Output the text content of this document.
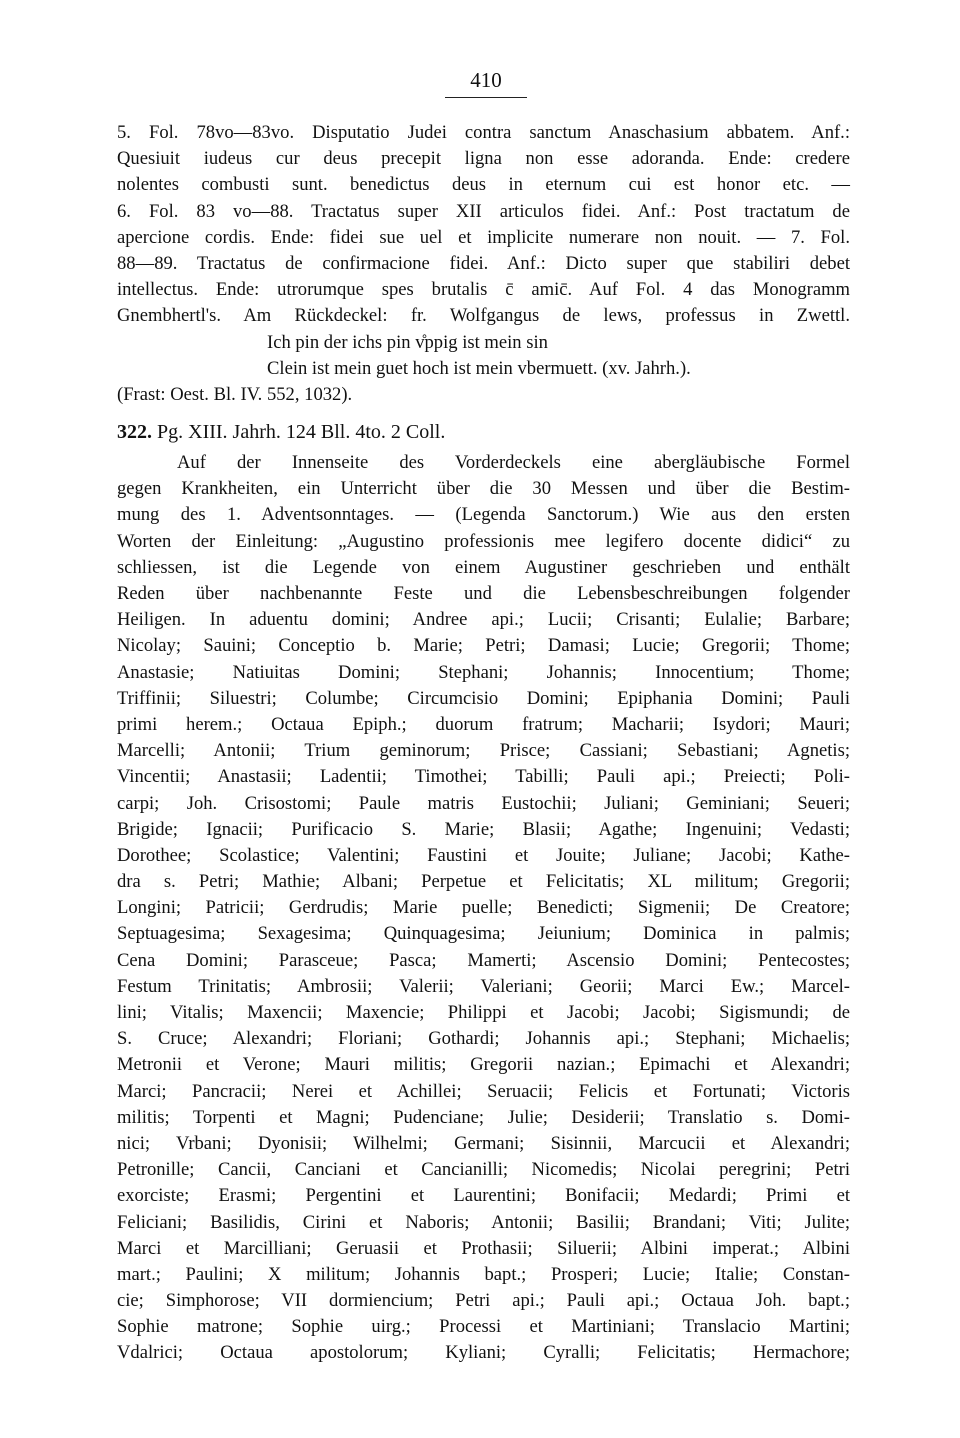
410
5. Fol. 78vo—83vo. Disputatio Judei contra sanctum Anaschasium abbatem. Anf.:
Quesiuit iudeus cur deus precepit ligna non esse adoranda. Ende: credere
nolentes combusti sunt. benedictus deus in eternum cui est honor etc. —
6. Fol. 83 vo—88. Tractatus super XII articulos fidei. Anf.: Post tractatum de
apercione cordis. Ende: fidei sue uel et implicite numerare non nouit. — 7. Fol.
88—89. Tractatus de confirmacione fidei. Anf.: Dicto super que stabiliri debet
intellectus. Ende: utrorumque spes brutalis c̄ amic̄. Auf Fol. 4 das Monogramm
Gnembhertl's. Am Rückdeckel: fr. Wolfgangus de lews, professus in Zwettl.
Ich pin der ichs pin v̊ppig ist mein sin
Clein ist mein guet hoch ist mein vbermuett. (xv. Jahrh.).
(Frast: Oest. Bl. IV. 552, 1032).
322. Pg. XIII. Jahrh. 124 Bll. 4to. 2 Coll.
Auf der Innenseite des Vorderdeckels eine abergläubische Formel
gegen Krankheiten, ein Unterricht über die 30 Messen und über die Bestim-
mung des 1. Adventsonntages. — (Legenda Sanctorum.) Wie aus den ersten
Worten der Einleitung: „Augustino professionis mee legifero docente didici“ zu
schliessen, ist die Legende von einem Augustiner geschrieben und enthält
Reden über nachbenannte Feste und die Lebensbeschreibungen folgender
Heiligen. In aduentu domini; Andree api.; Lucii; Crisanti; Eulalie; Barbare;
Nicolay; Sauini; Conceptio b. Marie; Petri; Damasi; Lucie; Gregorii; Thome;
Anastasie; Natiuitas Domini; Stephani; Johannis; Innocentium; Thome;
Triffinii; Siluestri; Columbe; Circumcisio Domini; Epiphania Domini; Pauli
primi herem.; Octaua Epiph.; duorum fratrum; Macharii; Isydori; Mauri;
Marcelli; Antonii; Trium geminorum; Prisce; Cassiani; Sebastiani; Agnetis;
Vincentii; Anastasii; Ladentii; Timothei; Tabilli; Pauli api.; Preiecti; Poli-
carpi; Joh. Crisostomi; Paule matris Eustochii; Juliani; Geminiani; Seueri;
Brigide; Ignacii; Purificacio S. Marie; Blasii; Agathe; Ingenuini; Vedasti;
Dorothee; Scolastice; Valentini; Faustini et Jouite; Juliane; Jacobi; Kathe-
dra s. Petri; Mathie; Albani; Perpetue et Felicitatis; XL militum; Gregorii;
Longini; Patricii; Gerdrudis; Marie puelle; Benedicti; Sigmenii; De Creatore;
Septuagesima; Sexagesima; Quinquagesima; Jeiunium; Dominica in palmis;
Cena Domini; Parasceue; Pasca; Mamerti; Ascensio Domini; Pentecostes;
Festum Trinitatis; Ambrosii; Valerii; Valeriani; Georii; Marci Ew.; Marcel-
lini; Vitalis; Maxencii; Maxencie; Philippi et Jacobi; Jacobi; Sigismundi; de
S. Cruce; Alexandri; Floriani; Gothardi; Johannis api.; Stephani; Michaelis;
Metronii et Verone; Mauri militis; Gregorii nazian.; Epimachi et Alexandri;
Marci; Pancracii; Nerei et Achillei; Seruacii; Felicis et Fortunati; Victoris
militis; Torpenti et Magni; Pudenciane; Julie; Desiderii; Translatio s. Domi-
nici; Vrbani; Dyonisii; Wilhelmi; Germani; Sisinnii, Marcucii et Alexandri;
Petronille; Cancii, Canciani et Cancianilli; Nicomedis; Nicolai peregrini; Petri
exorciste; Erasmi; Pergentini et Laurentini; Bonifacii; Medardi; Primi et
Feliciani; Basilidis, Cirini et Naboris; Antonii; Basilii; Brandani; Viti; Julite;
Marci et Marcilliani; Geruasii et Prothasii; Siluerii; Albini imperat.; Albini
mart.; Paulini; X militum; Johannis bapt.; Prosperi; Lucie; Italie; Constan-
cie; Simphorose; VII dormiencium; Petri api.; Pauli api.; Octaua Joh. bapt.;
Sophie matrone; Sophie uirg.; Processi et Martiniani; Translacio Martini;
Vdalrici; Octaua apostolorum; Kyliani; Cyralli; Felicitatis; Hermachore;
